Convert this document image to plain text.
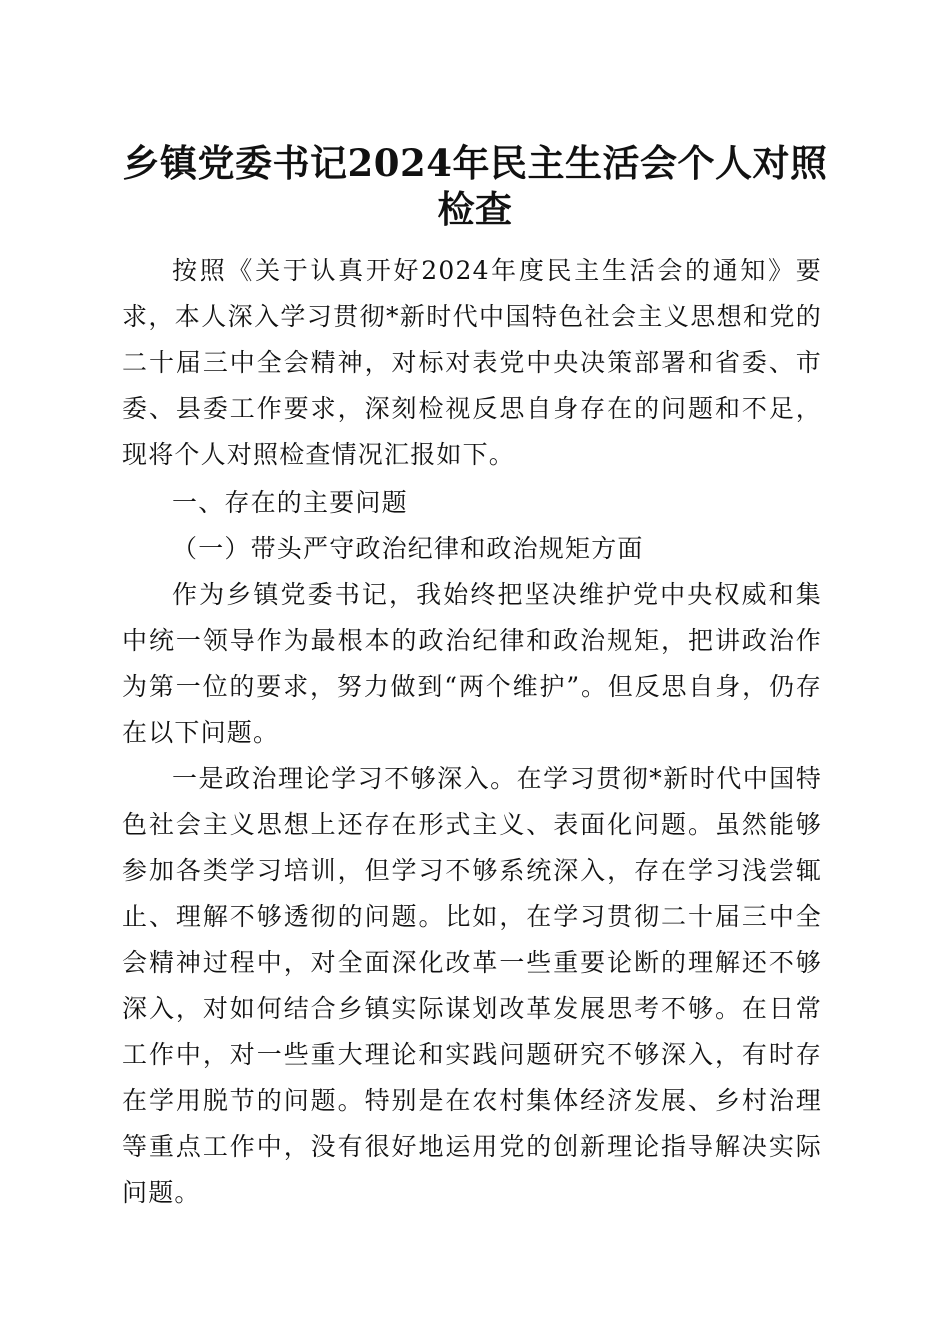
乡镇党委书记2024年民主生活会个人对照检查

按照《关于认真开好2024年度民主生活会的通知》要求，本人深入学习贯彻*新时代中国特色社会主义思想和党的二十届三中全会精神，对标对表党中央决策部署和省委、市委、县委工作要求，深刻检视反思自身存在的问题和不足，现将个人对照检查情况汇报如下。

一、存在的主要问题

（一）带头严守政治纪律和政治规矩方面

作为乡镇党委书记，我始终把坚决维护党中央权威和集中统一领导作为最根本的政治纪律和政治规矩，把讲政治作为第一位的要求，努力做到“两个维护”。但反思自身，仍存在以下问题。

一是政治理论学习不够深入。在学习贯彻*新时代中国特色社会主义思想上还存在形式主义、表面化问题。虽然能够参加各类学习培训，但学习不够系统深入，存在学习浅尝辄止、理解不够透彻的问题。比如，在学习贯彻二十届三中全会精神过程中，对全面深化改革一些重要论断的理解还不够深入，对如何结合乡镇实际谋划改革发展思考不够。在日常工作中，对一些重大理论和实践问题研究不够深入，有时存在学用脱节的问题。特别是在农村集体经济发展、乡村治理等重点工作中，没有很好地运用党的创新理论指导解决实际问题。
